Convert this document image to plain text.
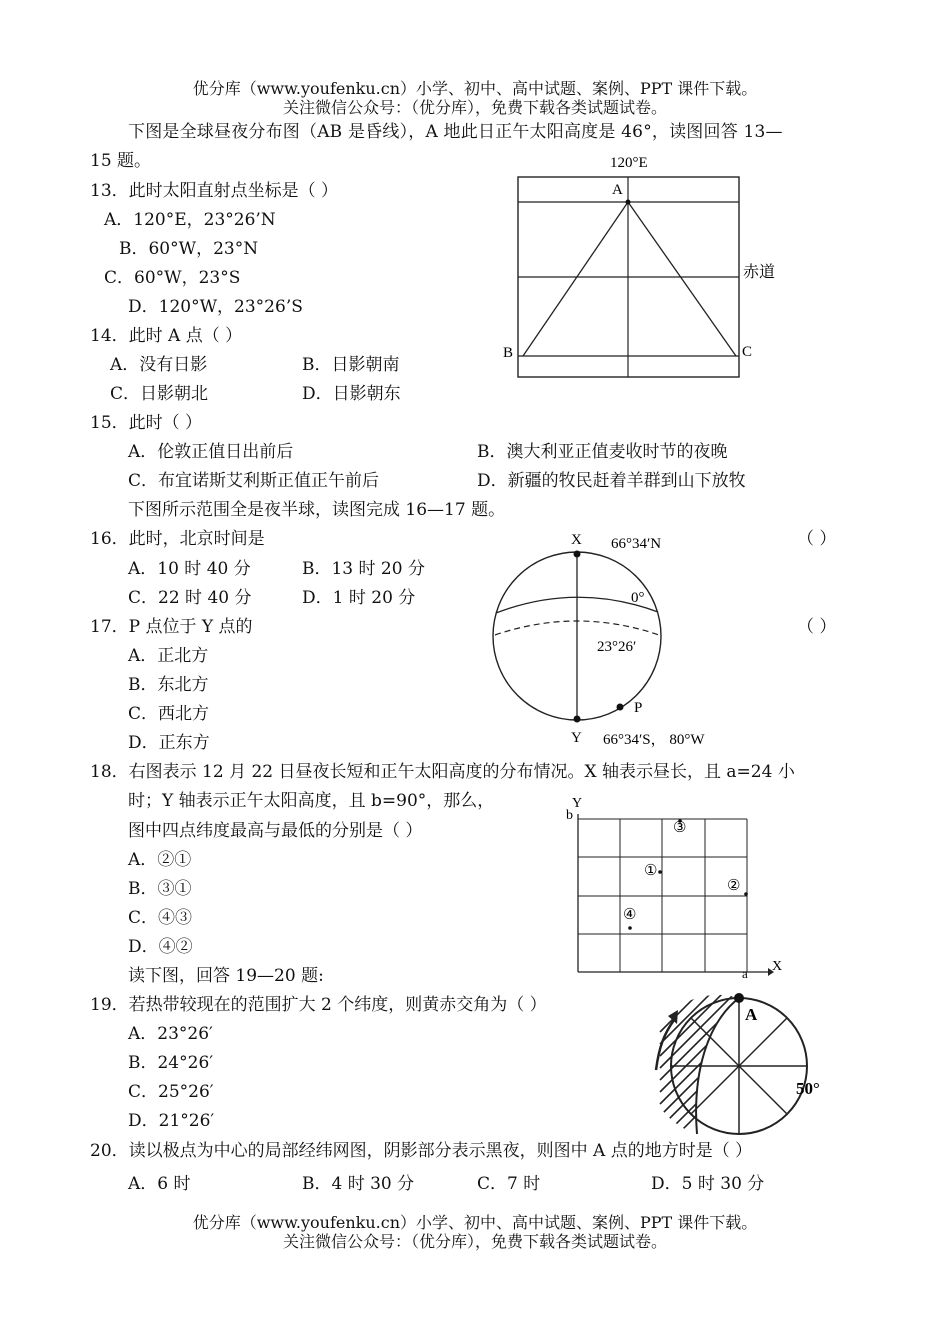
优分库（www.youfenku.cn）小学、初中、高中试题、案例、PPT 课件下载。
关注微信公众号：（优分库），免费下载各类试题试卷。
下图是全球昼夜分布图（AB 是昏线），A 地此日正午太阳高度是 46°，读图回答 13—
15 题。	120°E
A
B	C
赤道
13．此时太阳直射点坐标是（ ）
A．120°E，23°26’N
B．60°W，23°N
C．60°W，23°S
D．120°W，23°26’S
14．此时 A 点（ ）
A．没有日影	B．日影朝南
C．日影朝北	D．日影朝东
15．此时（ ）
A．伦敦正值日出前后	B．澳大利亚正值麦收时节的夜晚
C．布宜诺斯艾利斯正值正午前后	D．新疆的牧民赶着羊群到山下放牧
下图所示范围全是夜半球，读图完成 16—17 题。
X 66°34′N
0°
23°26′
P
Y 66°34′S， 80°W
16．此时，北京时间是	（ ）
A．10 时 40 分	B．13 时 20 分
C．22 时 40 分	D．1 时 20 分
17．P 点位于 Y 点的	（ ）
A．正北方
B．东北方
C．西北方
D．正东方
18．右图表示 12 月 22 日昼夜长短和正午太阳高度的分布情况。X 轴表示昼长，且 a=24 小
时；Y 轴表示正午太阳高度，且 b=90°，那么，
图中四点纬度最高与最低的分别是（ ）
A．②①
B．③①
C．④③
D．④②
Y
b
X
a
③
①
②
④
读下图，回答 19—20 题:
19．若热带较现在的范围扩大 2 个纬度，则黄赤交角为（ ）
A．23°26′
B．24°26′
C．25°26′
D．21°26′
A
50°
20．读以极点为中心的局部经纬网图，阴影部分表示黑夜，则图中 A 点的地方时是（ ）
A．6 时	B．4 时 30 分	C．7 时	D．5 时 30 分
优分库（www.youfenku.cn）小学、初中、高中试题、案例、PPT 课件下载。
关注微信公众号：（优分库），免费下载各类试题试卷。
